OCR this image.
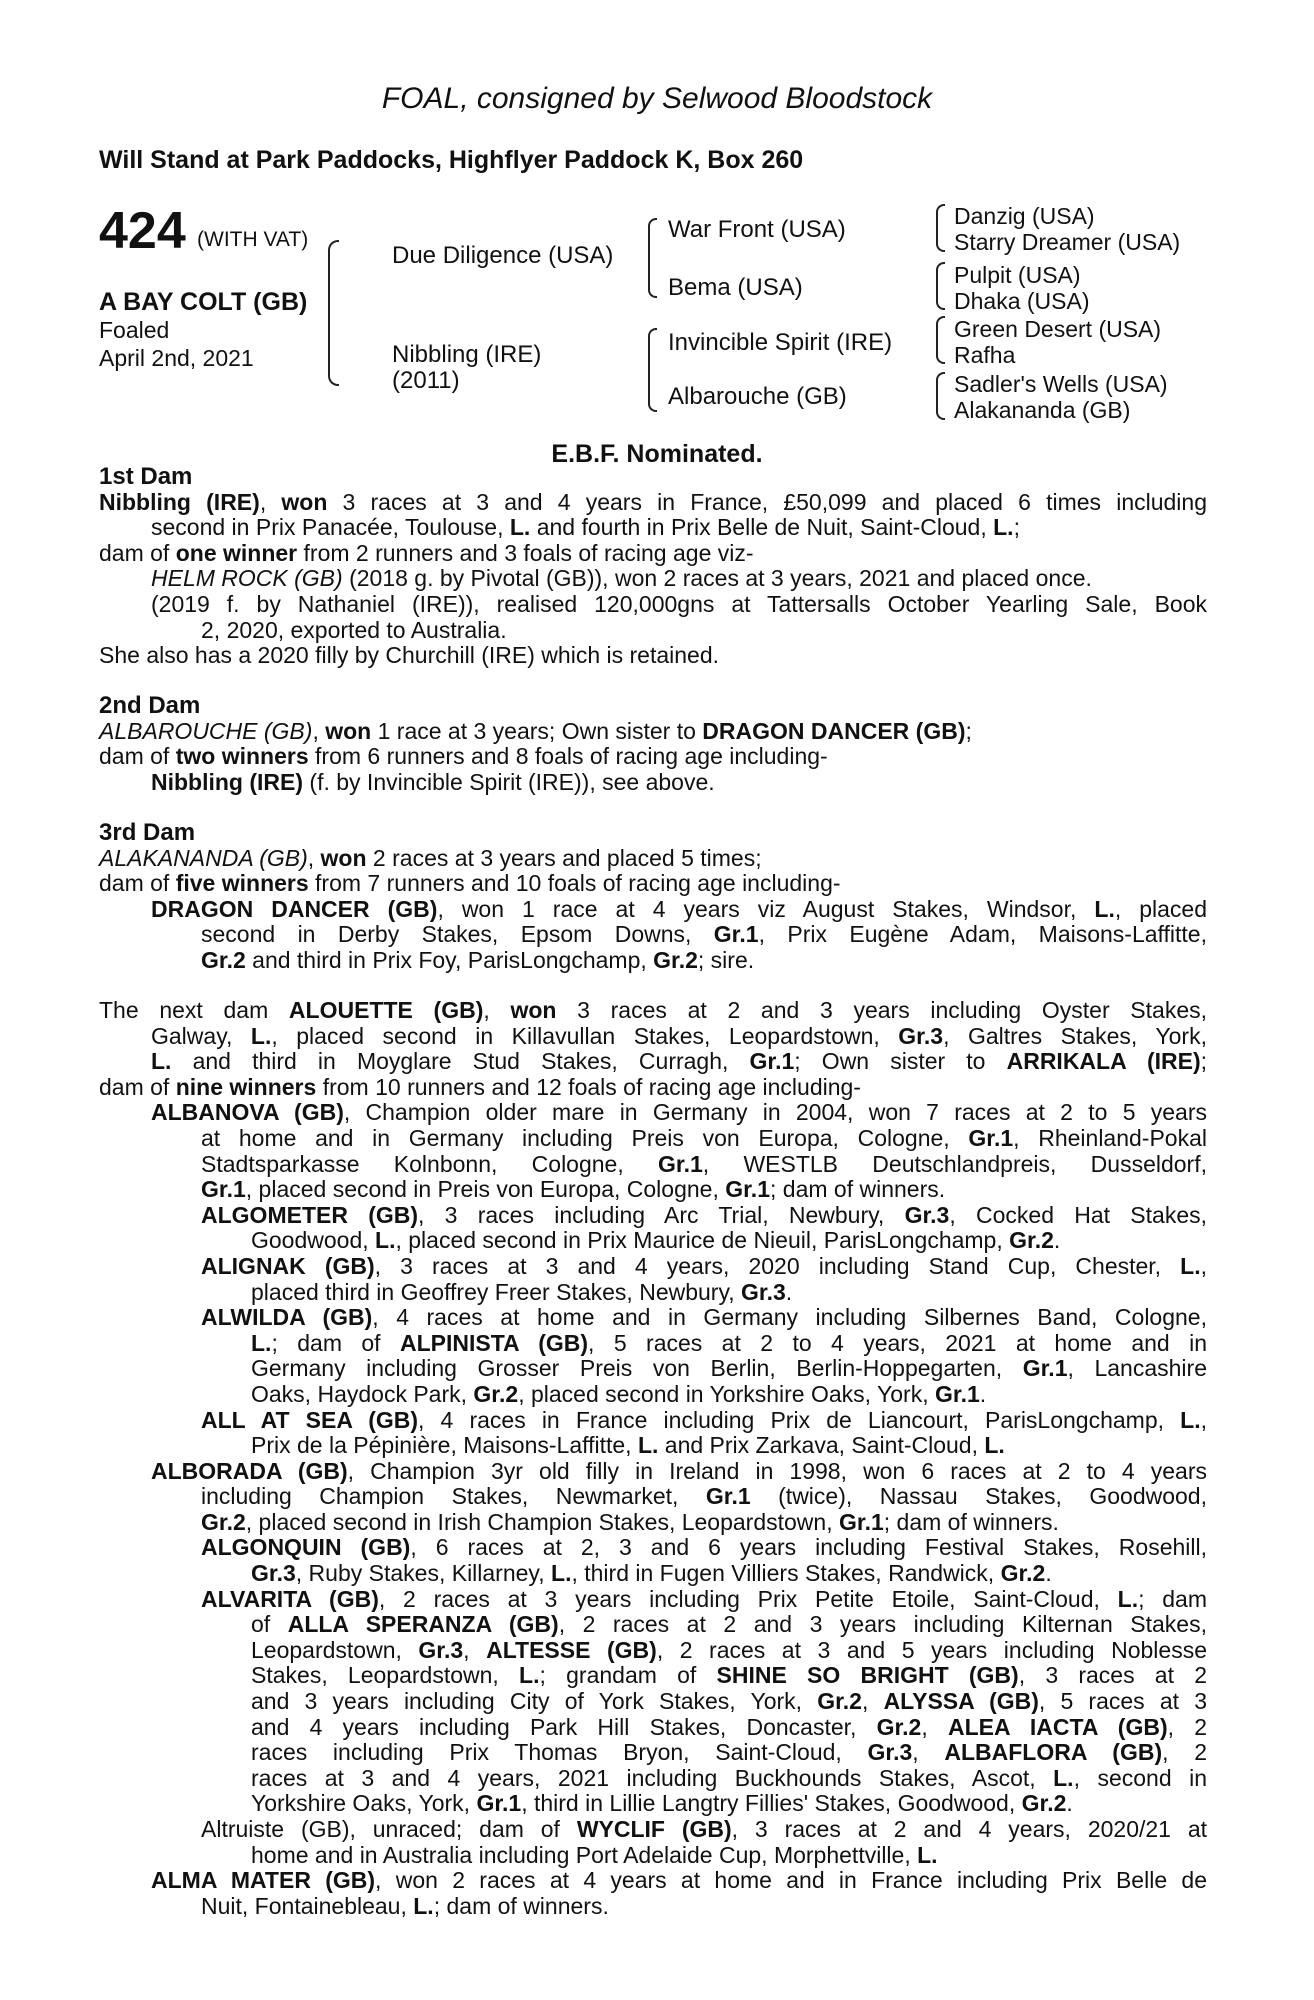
FOAL, consigned by Selwood Bloodstock
Will Stand at Park Paddocks, Highflyer Paddock K, Box 260
424 (WITH VAT)
A BAY COLT (GB)
Foaled
April 2nd, 2021
Due Diligence (USA)
Nibbling (IRE)
(2011)
War Front (USA)
Bema (USA)
Invincible Spirit (IRE)
Albarouche (GB)
Danzig (USA)
Starry Dreamer (USA)
Pulpit (USA)
Dhaka (USA)
Green Desert (USA)
Rafha
Sadler's Wells (USA)
Alakananda (GB)
E.B.F. Nominated.
1st Dam
Nibbling (IRE), won 3 races at 3 and 4 years in France, £50,099 and placed 6 times including
second in Prix Panacée, Toulouse, L. and fourth in Prix Belle de Nuit, Saint-Cloud, L.;
dam of one winner from 2 runners and 3 foals of racing age viz-
HELM ROCK (GB) (2018 g. by Pivotal (GB)), won 2 races at 3 years, 2021 and placed once.
(2019 f. by Nathaniel (IRE)), realised 120,000gns at Tattersalls October Yearling Sale, Book
2, 2020, exported to Australia.
She also has a 2020 filly by Churchill (IRE) which is retained.
2nd Dam
ALBAROUCHE (GB), won 1 race at 3 years; Own sister to DRAGON DANCER (GB);
dam of two winners from 6 runners and 8 foals of racing age including-
Nibbling (IRE) (f. by Invincible Spirit (IRE)), see above.
3rd Dam
ALAKANANDA (GB), won 2 races at 3 years and placed 5 times;
dam of five winners from 7 runners and 10 foals of racing age including-
DRAGON DANCER (GB), won 1 race at 4 years viz August Stakes, Windsor, L., placed
second in Derby Stakes, Epsom Downs, Gr.1, Prix Eugène Adam, Maisons-Laffitte,
Gr.2 and third in Prix Foy, ParisLongchamp, Gr.2; sire.
The next dam ALOUETTE (GB), won 3 races at 2 and 3 years including Oyster Stakes,
Galway, L., placed second in Killavullan Stakes, Leopardstown, Gr.3, Galtres Stakes, York,
L. and third in Moyglare Stud Stakes, Curragh, Gr.1; Own sister to ARRIKALA (IRE);
dam of nine winners from 10 runners and 12 foals of racing age including-
ALBANOVA (GB), Champion older mare in Germany in 2004, won 7 races at 2 to 5 years
at home and in Germany including Preis von Europa, Cologne, Gr.1, Rheinland-Pokal
Stadtsparkasse Kolnbonn, Cologne, Gr.1, WESTLB Deutschlandpreis, Dusseldorf,
Gr.1, placed second in Preis von Europa, Cologne, Gr.1; dam of winners.
ALGOMETER (GB), 3 races including Arc Trial, Newbury, Gr.3, Cocked Hat Stakes,
Goodwood, L., placed second in Prix Maurice de Nieuil, ParisLongchamp, Gr.2.
ALIGNAK (GB), 3 races at 3 and 4 years, 2020 including Stand Cup, Chester, L.,
placed third in Geoffrey Freer Stakes, Newbury, Gr.3.
ALWILDA (GB), 4 races at home and in Germany including Silbernes Band, Cologne,
L.; dam of ALPINISTA (GB), 5 races at 2 to 4 years, 2021 at home and in
Germany including Grosser Preis von Berlin, Berlin-Hoppegarten, Gr.1, Lancashire
Oaks, Haydock Park, Gr.2, placed second in Yorkshire Oaks, York, Gr.1.
ALL AT SEA (GB), 4 races in France including Prix de Liancourt, ParisLongchamp, L.,
Prix de la Pépinière, Maisons-Laffitte, L. and Prix Zarkava, Saint-Cloud, L.
ALBORADA (GB), Champion 3yr old filly in Ireland in 1998, won 6 races at 2 to 4 years
including Champion Stakes, Newmarket, Gr.1 (twice), Nassau Stakes, Goodwood,
Gr.2, placed second in Irish Champion Stakes, Leopardstown, Gr.1; dam of winners.
ALGONQUIN (GB), 6 races at 2, 3 and 6 years including Festival Stakes, Rosehill,
Gr.3, Ruby Stakes, Killarney, L., third in Fugen Villiers Stakes, Randwick, Gr.2.
ALVARITA (GB), 2 races at 3 years including Prix Petite Etoile, Saint-Cloud, L.; dam
of ALLA SPERANZA (GB), 2 races at 2 and 3 years including Kilternan Stakes,
Leopardstown, Gr.3, ALTESSE (GB), 2 races at 3 and 5 years including Noblesse
Stakes, Leopardstown, L.; grandam of SHINE SO BRIGHT (GB), 3 races at 2
and 3 years including City of York Stakes, York, Gr.2, ALYSSA (GB), 5 races at 3
and 4 years including Park Hill Stakes, Doncaster, Gr.2, ALEA IACTA (GB), 2
races including Prix Thomas Bryon, Saint-Cloud, Gr.3, ALBAFLORA (GB), 2
races at 3 and 4 years, 2021 including Buckhounds Stakes, Ascot, L., second in
Yorkshire Oaks, York, Gr.1, third in Lillie Langtry Fillies' Stakes, Goodwood, Gr.2.
Altruiste (GB), unraced; dam of WYCLIF (GB), 3 races at 2 and 4 years, 2020/21 at
home and in Australia including Port Adelaide Cup, Morphettville, L.
ALMA MATER (GB), won 2 races at 4 years at home and in France including Prix Belle de
Nuit, Fontainebleau, L.; dam of winners.
